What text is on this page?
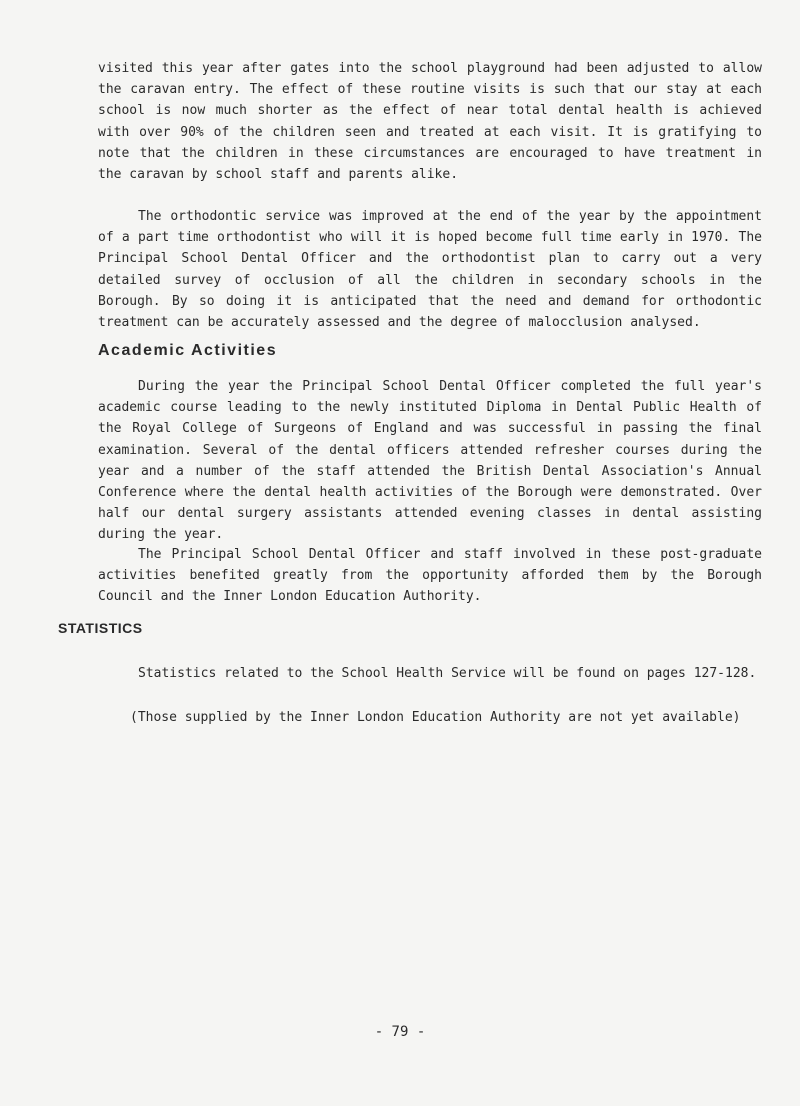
visited this year after gates into the school playground had been adjusted to allow the caravan entry. The effect of these routine visits is such that our stay at each school is now much shorter as the effect of near total dental health is achieved with over 90% of the children seen and treated at each visit. It is gratifying to note that the children in these circumstances are encouraged to have treatment in the caravan by school staff and parents alike.

The orthodontic service was improved at the end of the year by the appointment of a part time orthodontist who will it is hoped become full time early in 1970. The Principal School Dental Officer and the orthodontist plan to carry out a very detailed survey of occlusion of all the children in secondary schools in the Borough. By so doing it is anticipated that the need and demand for orthodontic treatment can be accurately assessed and the degree of malocclusion analysed.

Academic Activities

During the year the Principal School Dental Officer completed the full year's academic course leading to the newly instituted Diploma in Dental Public Health of the Royal College of Surgeons of England and was successful in passing the final examination. Several of the dental officers attended refresher courses during the year and a number of the staff attended the British Dental Association's Annual Conference where the dental health activities of the Borough were demonstrated. Over half our dental surgery assistants attended evening classes in dental assisting during the year.

The Principal School Dental Officer and staff involved in these post-graduate activities benefited greatly from the opportunity afforded them by the Borough Council and the Inner London Education Authority.

STATISTICS

Statistics related to the School Health Service will be found on pages 127-128.

(Those supplied by the Inner London Education Authority are not yet available)

- 79 -
